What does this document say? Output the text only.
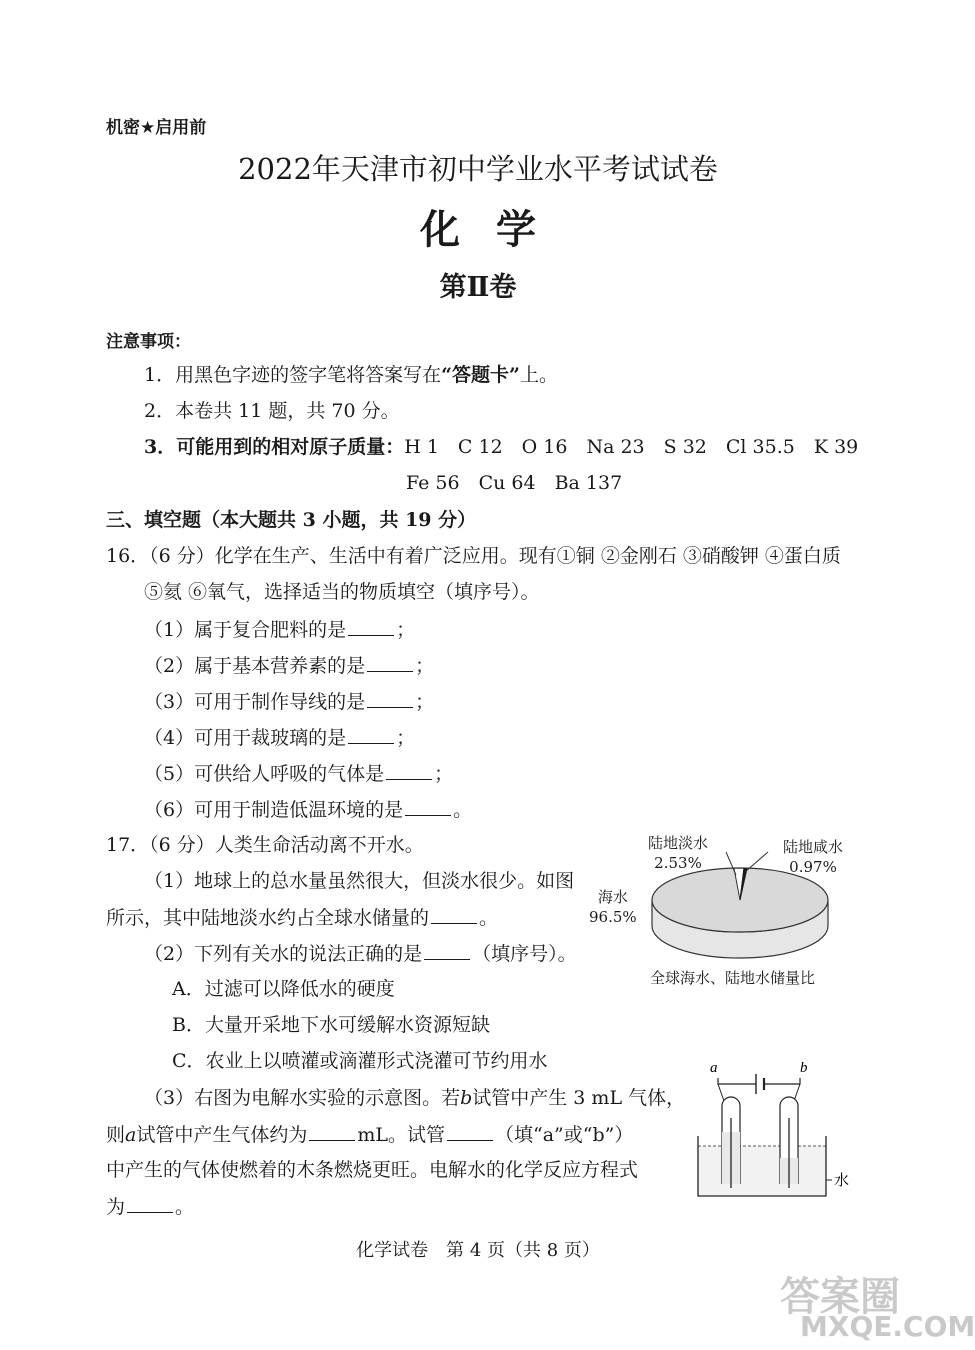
机密★启用前
2022年天津市初中学业水平考试试卷
化学
第Ⅱ卷
注意事项：
1．用黑色字迹的签字笔将答案写在“答题卡”上。
2．本卷共 11 题，共 70 分。
3．可能用到的相对原子质量：H 1　C 12　O 16　Na 23　S 32　Cl 35.5　K 39
Fe 56　Cu 64　Ba 137
三、填空题（本大题共 3 小题，共 19 分）
16．（6 分）化学在生产、生活中有着广泛应用。现有①铜 ②金刚石 ③硝酸钾 ④蛋白质
⑤氦 ⑥氧气，选择适当的物质填空（填序号）。
（1）属于复合肥料的是	；
（2）属于基本营养素的是	；
（3）可用于制作导线的是	；
（4）可用于裁玻璃的是	；
（5）可供给人呼吸的气体是	；
（6）可用于制造低温环境的是	。
17．（6 分）人类生命活动离不开水。
（1）地球上的总水量虽然很大，但淡水很少。如图
所示，其中陆地淡水约占全球水储量的	。
（2）下列有关水的说法正确的是	（填序号）。
A．过滤可以降低水的硬度
B．大量开采地下水可缓解水资源短缺
C．农业上以喷灌或滴灌形式浇灌可节约用水
（3）右图为电解水实验的示意图。若b试管中产生 3 mL 气体，
则a试管中产生气体约为	mL。试管	（填“a”或“b”）
中产生的气体使燃着的木条燃烧更旺。电解水的化学反应方程式
为	。
陆地淡水
2.53%
陆地咸水
0.97%
海水
96.5%
全球海水、陆地水储量比
a	b
水
化学试卷　第 4 页（共 8 页）
答案圈
MXQE.COM
